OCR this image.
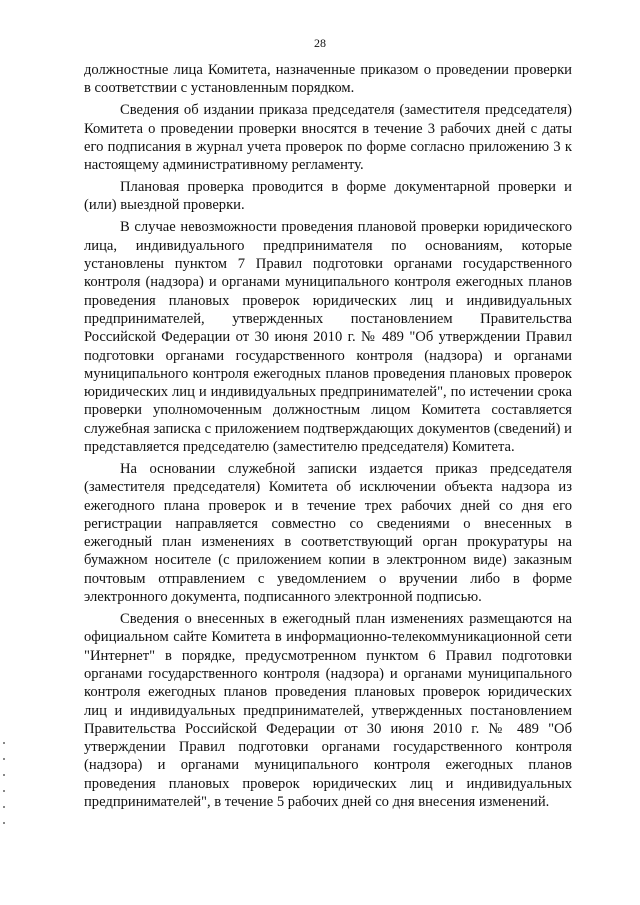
28

должностные лица Комитета, назначенные приказом о проведении проверки в соответствии с установленным порядком.

Сведения об издании приказа председателя (заместителя председателя) Комитета о проведении проверки вносятся в течение 3 рабочих дней с даты его подписания в журнал учета проверок по форме согласно приложению 3 к настоящему административному регламенту.

Плановая проверка проводится в форме документарной проверки и (или) выездной проверки.

В случае невозможности проведения плановой проверки юридического лица, индивидуального предпринимателя по основаниям, которые установлены пунктом 7 Правил подготовки органами государственного контроля (надзора) и органами муниципального контроля ежегодных планов проведения плановых проверок юридических лиц и индивидуальных предпринимателей, утвержденных постановлением Правительства Российской Федерации от 30 июня 2010 г. № 489 "Об утверждении Правил подготовки органами государственного контроля (надзора) и органами муниципального контроля ежегодных планов проведения плановых проверок юридических лиц и индивидуальных предпринимателей", по истечении срока проверки уполномоченным должностным лицом Комитета составляется служебная записка с приложением подтверждающих документов (сведений) и представляется председателю (заместителю председателя) Комитета.

На основании служебной записки издается приказ председателя (заместителя председателя) Комитета об исключении объекта надзора из ежегодного плана проверок и в течение трех рабочих дней со дня его регистрации направляется совместно со сведениями о внесенных в ежегодный план изменениях в соответствующий орган прокуратуры на бумажном носителе (с приложением копии в электронном виде) заказным почтовым отправлением с уведомлением о вручении либо в форме электронного документа, подписанного электронной подписью.

Сведения о внесенных в ежегодный план изменениях размещаются на официальном сайте Комитета в информационно-телекоммуникационной сети "Интернет" в порядке, предусмотренном пунктом 6 Правил подготовки органами государственного контроля (надзора) и органами муниципального контроля ежегодных планов проведения плановых проверок юридических лиц и индивидуальных предпринимателей, утвержденных постановлением Правительства Российской Федерации от 30 июня 2010 г. № 489 "Об утверждении Правил подготовки органами государственного контроля (надзора) и органами муниципального контроля ежегодных планов проведения плановых проверок юридических лиц и индивидуальных предпринимателей", в течение 5 рабочих дней со дня внесения изменений.
